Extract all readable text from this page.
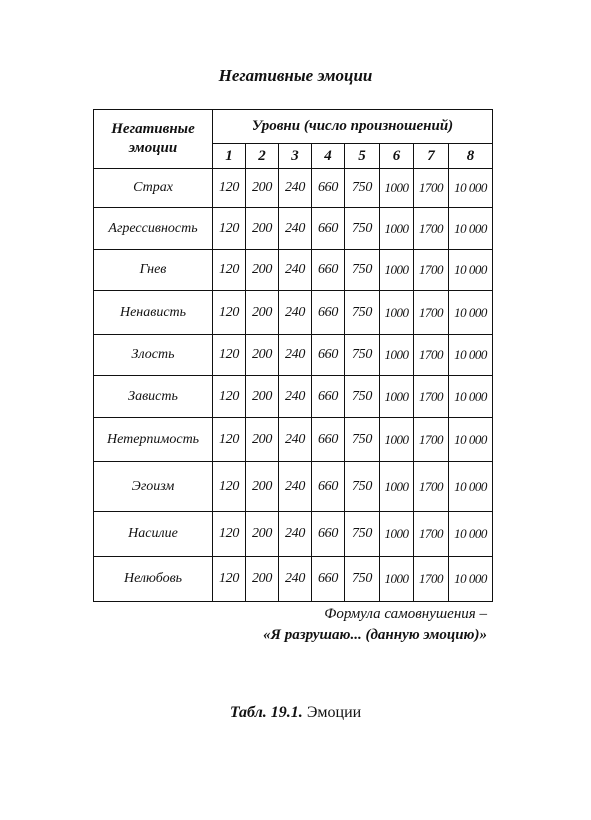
Негативные эмоции
Негативные эмоции	Уровни (число произношений)							
	1	2	3	4	5	6	7	8
Страх	120	200	240	660	750	1000	1700	10 000
Агрессивность	120	200	240	660	750	1000	1700	10 000
Гнев	120	200	240	660	750	1000	1700	10 000
Ненависть	120	200	240	660	750	1000	1700	10 000
Злость	120	200	240	660	750	1000	1700	10 000
Зависть	120	200	240	660	750	1000	1700	10 000
Нетерпимость	120	200	240	660	750	1000	1700	10 000
Эгоизм	120	200	240	660	750	1000	1700	10 000
Насилие	120	200	240	660	750	1000	1700	10 000
Нелюбовь	120	200	240	660	750	1000	1700	10 000
Формула самовнушения –
«Я разрушаю... (данную эмоцию)»
Табл. 19.1. Эмоции
